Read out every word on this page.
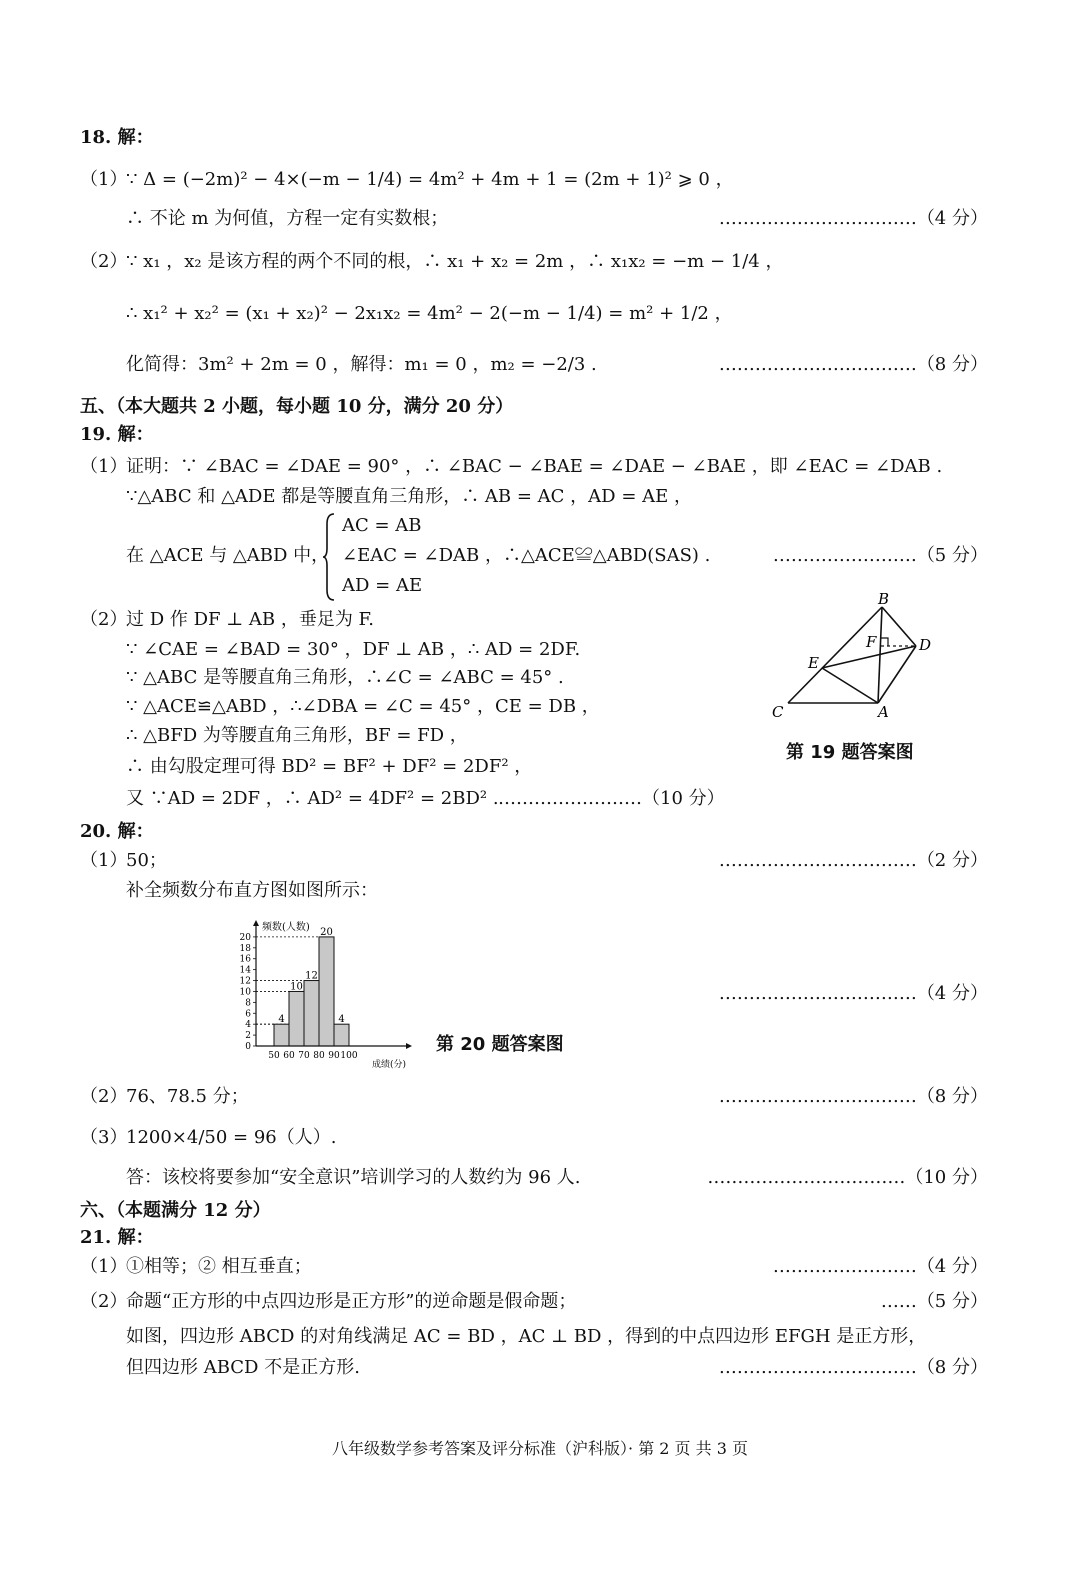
18. 解：
（1）
∵ Δ = (−2m)² − 4×(−m − 1/4) = 4m² + 4m + 1 = (2m + 1)² ⩾ 0 ，
∴ 不论 m 为何值，方程一定有实数根；	……………………………（4 分）
（2）
∵ x₁ ，x₂ 是该方程的两个不同的根，∴ x₁ + x₂ = 2m ，∴ x₁x₂ = −m − 1/4 ，
∴ x₁² + x₂² = (x₁ + x₂)² − 2x₁x₂ = 4m² − 2(−m − 1/4) = m² + 1/2 ，
化简得：3m² + 2m = 0 ，解得：m₁ = 0 ，m₂ = −2/3 .	……………………………（8 分）
五、（本大题共 2 小题，每小题 10 分，满分 20 分）
19. 解：
（1）
证明：∵ ∠BAC = ∠DAE = 90° ，∴ ∠BAC − ∠BAE = ∠DAE − ∠BAE ，即 ∠EAC = ∠DAB .
∵△ABC 和 △ADE 都是等腰直角三角形，∴ AB = AC ，AD = AE ，
在 △ACE 与 △ABD 中，
AC = AB
∠EAC = ∠DAB ，∴△ACE≌△ABD(SAS) .
AD = AE
……………………（5 分）
（2）
过 D 作 DF ⊥ AB ，垂足为 F.
∵ ∠CAE = ∠BAD = 30° ，DF ⊥ AB ，∴ AD = 2DF.
∵ △ABC 是等腰直角三角形，∴∠C = ∠ABC = 45° .
∵ △ACE≌△ABD ，∴∠DBA = ∠C = 45° ，CE = DB ，
∴ △BFD 为等腰直角三角形，BF = FD ，
∴ 由勾股定理可得 BD² = BF² + DF² = 2DF² ，
又 ∵AD = 2DF ，∴ AD² = 4DF² = 2BD² . ……………………（10 分）
B
F	D
E
C	A
第 19 题答案图
20. 解：
（1）
50；	……………………………（2 分）
补全频数分布直方图如图所示：
4
10
12
20
4
0
2
4
6
8
10
12
14
16
18
20
50 60 70 80 90 100
频数(人数)
成绩(分)
……………………………（4 分）
第 20 题答案图
（2）
76、78.5 分；	……………………………（8 分）
（3）
1200×4/50 = 96（人）.
答：该校将要参加“安全意识”培训学习的人数约为 96 人.	……………………………（10 分）
六、（本题满分 12 分）
21. 解：
（1）
①相等；② 相互垂直；	……………………（4 分）
（2）
命题“正方形的中点四边形是正方形”的逆命题是假命题；	……（5 分）
如图，四边形 ABCD 的对角线满足 AC = BD ，AC ⊥ BD ，得到的中点四边形 EFGH 是正方形，
但四边形 ABCD 不是正方形.	……………………………（8 分）
八年级数学参考答案及评分标准（沪科版）· 第 2 页 共 3 页
